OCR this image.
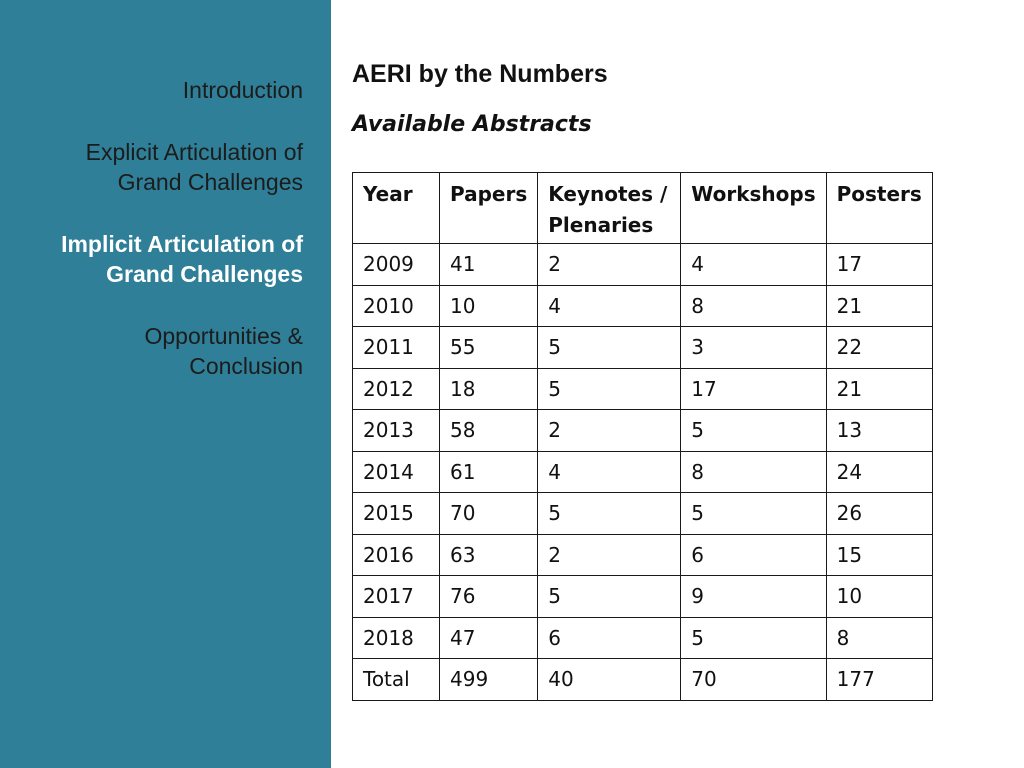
Introduction
Explicit Articulation of
Grand Challenges
Implicit Articulation of
Grand Challenges
Opportunities &
Conclusion
AERI by the Numbers
Available Abstracts
Year	Papers	Keynotes / Plenaries	Workshops	Posters
2009	41	2	4	17
2010	10	4	8	21
2011	55	5	3	22
2012	18	5	17	21
2013	58	2	5	13
2014	61	4	8	24
2015	70	5	5	26
2016	63	2	6	15
2017	76	5	9	10
2018	47	6	5	8
Total	499	40	70	177
